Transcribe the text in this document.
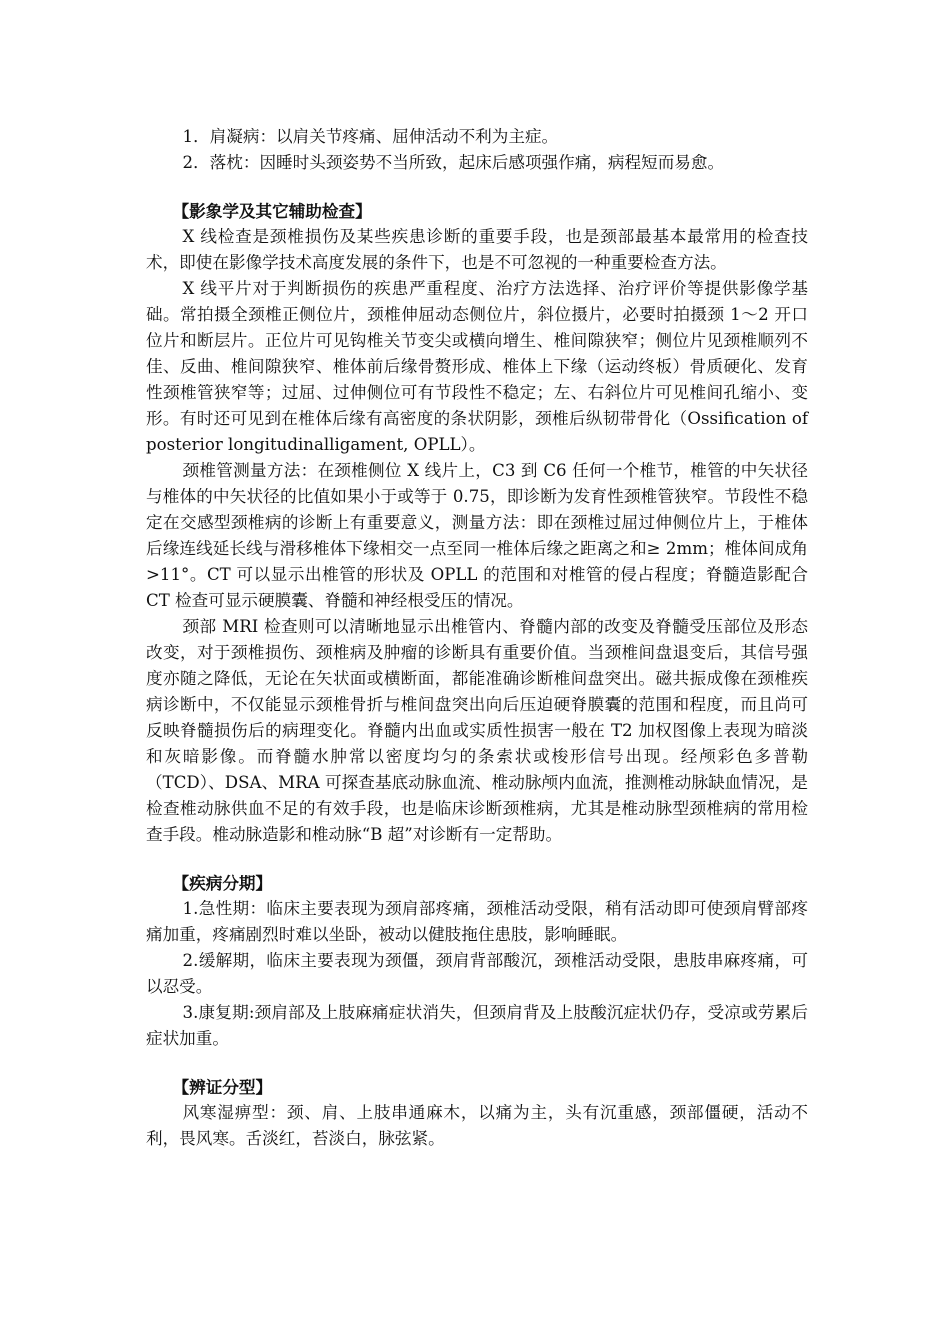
1．肩凝病：以肩关节疼痛、屈伸活动不利为主症。

2．落枕：因睡时头颈姿势不当所致，起床后感项强作痛，病程短而易愈。

【影象学及其它辅助检查】

X 线检查是颈椎损伤及某些疾患诊断的重要手段，也是颈部最基本最常用的检查技术，即使在影像学技术高度发展的条件下，也是不可忽视的一种重要检查方法。

X 线平片对于判断损伤的疾患严重程度、治疗方法选择、治疗评价等提供影像学基础。常拍摄全颈椎正侧位片，颈椎伸屈动态侧位片，斜位摄片，必要时拍摄颈 1～2 开口位片和断层片。正位片可见钩椎关节变尖或横向增生、椎间隙狭窄；侧位片见颈椎顺列不佳、反曲、椎间隙狭窄、椎体前后缘骨赘形成、椎体上下缘（运动终板）骨质硬化、发育性颈椎管狭窄等；过屈、过伸侧位可有节段性不稳定；左、右斜位片可见椎间孔缩小、变形。有时还可见到在椎体后缘有高密度的条状阴影，颈椎后纵韧带骨化（Ossification of posterior longitudinalligament, OPLL）。

颈椎管测量方法：在颈椎侧位 X 线片上，C3 到 C6 任何一个椎节，椎管的中矢状径与椎体的中矢状径的比值如果小于或等于 0.75，即诊断为发育性颈椎管狭窄。节段性不稳定在交感型颈椎病的诊断上有重要意义，测量方法：即在颈椎过屈过伸侧位片上，于椎体后缘连线延长线与滑移椎体下缘相交一点至同一椎体后缘之距离之和≥ 2mm；椎体间成角>11°。CT 可以显示出椎管的形状及 OPLL 的范围和对椎管的侵占程度；脊髓造影配合 CT 检查可显示硬膜囊、脊髓和神经根受压的情况。

颈部 MRI 检查则可以清晰地显示出椎管内、脊髓内部的改变及脊髓受压部位及形态改变，对于颈椎损伤、颈椎病及肿瘤的诊断具有重要价值。当颈椎间盘退变后，其信号强度亦随之降低，无论在矢状面或横断面，都能准确诊断椎间盘突出。磁共振成像在颈椎疾病诊断中，不仅能显示颈椎骨折与椎间盘突出向后压迫硬脊膜囊的范围和程度，而且尚可反映脊髓损伤后的病理变化。脊髓内出血或实质性损害一般在 T2 加权图像上表现为暗淡和灰暗影像。而脊髓水肿常以密度均匀的条索状或梭形信号出现。经颅彩色多普勒（TCD）、DSA、MRA 可探查基底动脉血流、椎动脉颅内血流，推测椎动脉缺血情况，是检查椎动脉供血不足的有效手段，也是临床诊断颈椎病，尤其是椎动脉型颈椎病的常用检查手段。椎动脉造影和椎动脉“B 超”对诊断有一定帮助。

【疾病分期】

1.急性期：临床主要表现为颈肩部疼痛，颈椎活动受限，稍有活动即可使颈肩臂部疼痛加重，疼痛剧烈时难以坐卧，被动以健肢拖住患肢，影响睡眠。

2.缓解期，临床主要表现为颈僵，颈肩背部酸沉，颈椎活动受限，患肢串麻疼痛，可以忍受。

3.康复期:颈肩部及上肢麻痛症状消失，但颈肩背及上肢酸沉症状仍存，受凉或劳累后症状加重。

【辨证分型】

风寒湿痹型：颈、肩、上肢串通麻木，以痛为主，头有沉重感，颈部僵硬，活动不利，畏风寒。舌淡红，苔淡白，脉弦紧。
